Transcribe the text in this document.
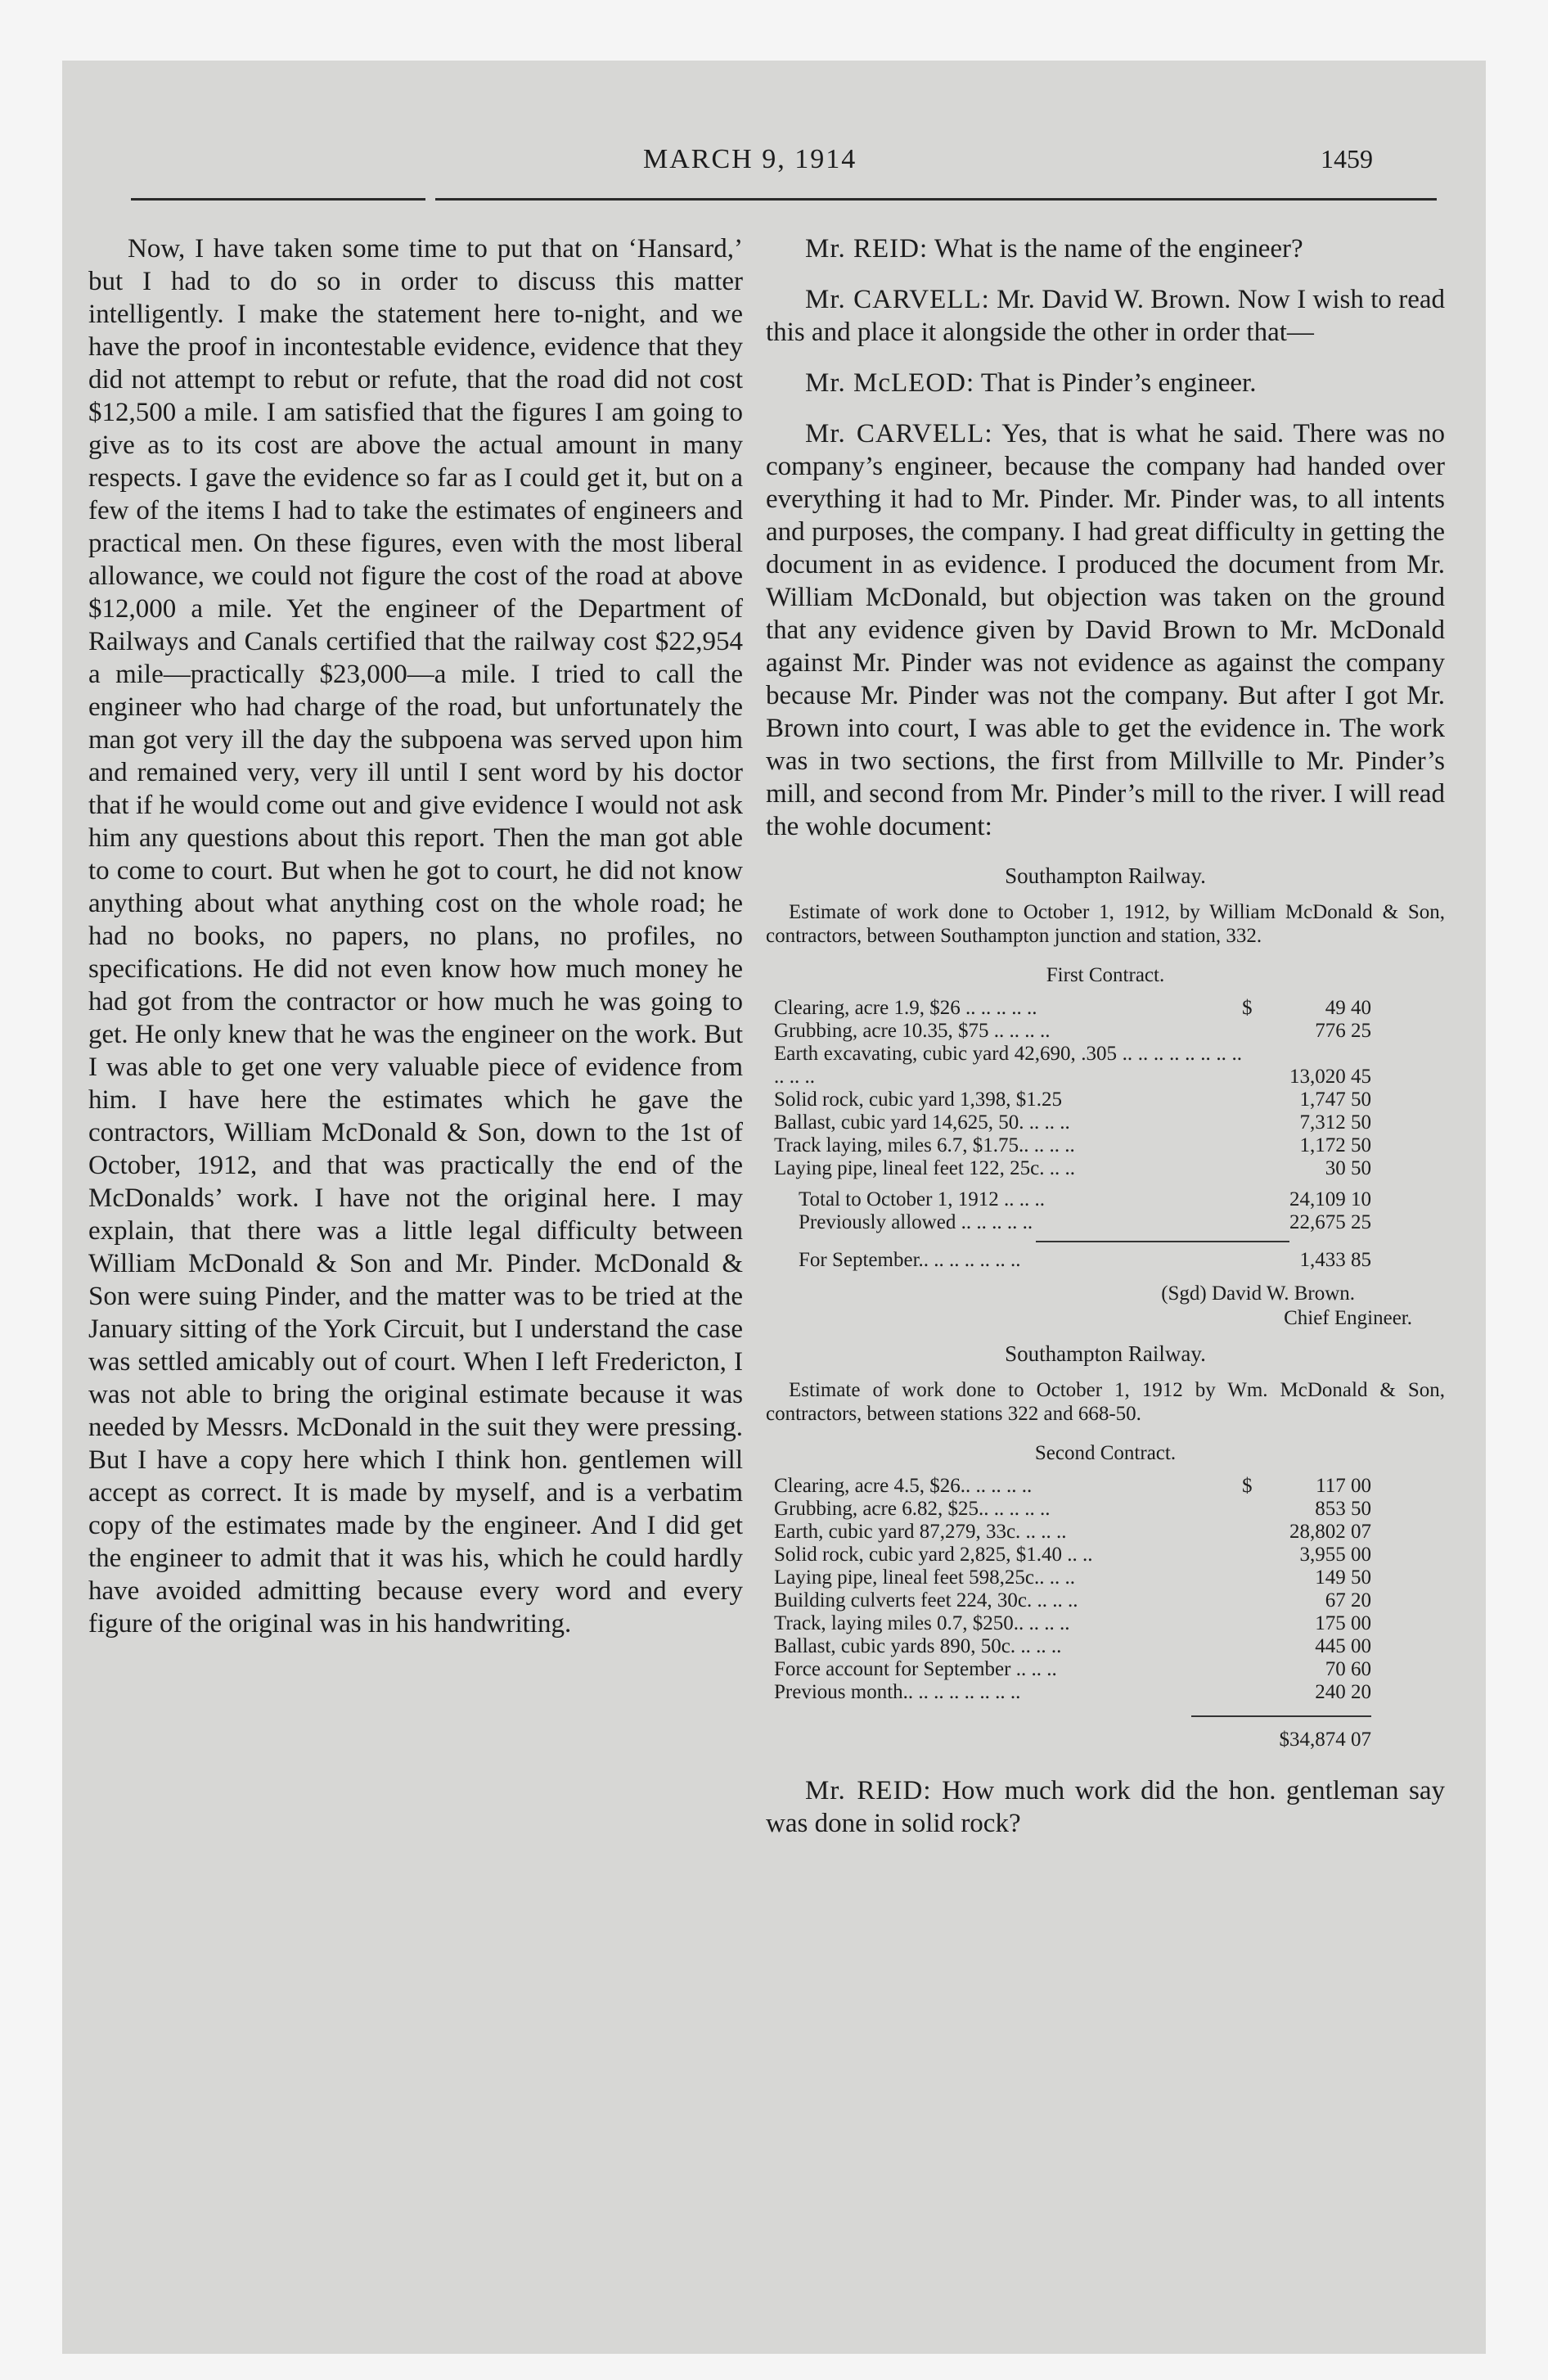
MARCH 9, 1914	1459

Now, I have taken some time to put that on ‘Hansard,’ but I had to do so in order to discuss this matter intelligently. I make the statement here to-night, and we have the proof in incontestable evidence, evidence that they did not attempt to rebut or refute, that the road did not cost $12,500 a mile. I am satisfied that the figures I am going to give as to its cost are above the actual amount in many respects. I gave the evidence so far as I could get it, but on a few of the items I had to take the estimates of engineers and practical men. On these figures, even with the most liberal allowance, we could not figure the cost of the road at above $12,000 a mile. Yet the engineer of the Department of Railways and Canals certified that the railway cost $22,954 a mile—practically $23,000—a mile. I tried to call the engineer who had charge of the road, but unfortunately the man got very ill the day the subpoena was served upon him and remained very, very ill until I sent word by his doctor that if he would come out and give evidence I would not ask him any questions about this report. Then the man got able to come to court. But when he got to court, he did not know anything about what anything cost on the whole road; he had no books, no papers, no plans, no profiles, no specifications. He did not even know how much money he had got from the contractor or how much he was going to get. He only knew that he was the engineer on the work. But I was able to get one very valuable piece of evidence from him. I have here the estimates which he gave the contractors, William McDonald & Son, down to the 1st of October, 1912, and that was practically the end of the McDonalds’ work. I have not the original here. I may explain, that there was a little legal difficulty between William McDonald & Son and Mr. Pinder. McDonald & Son were suing Pinder, and the matter was to be tried at the January sitting of the York Circuit, but I understand the case was settled amicably out of court. When I left Fredericton, I was not able to bring the original estimate because it was needed by Messrs. McDonald in the suit they were pressing. But I have a copy here which I think hon. gentlemen will accept as correct. It is made by myself, and is a verbatim copy of the estimates made by the engineer. And I did get the engineer to admit that it was his, which he could hardly have avoided admitting because every word and every figure of the original was in his handwriting.

Mr. REID: What is the name of the engineer?

Mr. CARVELL: Mr. David W. Brown. Now I wish to read this and place it alongside the other in order that—

Mr. McLEOD: That is Pinder’s engineer.

Mr. CARVELL: Yes, that is what he said. There was no company’s engineer, because the company had handed over everything it had to Mr. Pinder. Mr. Pinder was, to all intents and purposes, the company. I had great difficulty in getting the document in as evidence. I produced the document from Mr. William McDonald, but objection was taken on the ground that any evidence given by David Brown to Mr. McDonald against Mr. Pinder was not evidence as against the company because Mr. Pinder was not the company. But after I got Mr. Brown into court, I was able to get the evidence in. The work was in two sections, the first from Millville to Mr. Pinder’s mill, and second from Mr. Pinder’s mill to the river. I will read the wohle document:

Southampton Railway.

Estimate of work done to October 1, 1912, by William McDonald & Son, contractors, between Southampton junction and station, 332.

First Contract.
Clearing, acre 1.9, $26 .. .. .. .. ..	$	49 40
Grubbing, acre 10.35, $75 .. .. .. ..		776 25
Earth excavating, cubic yard 42,690, .305 .. .. .. .. .. .. .. .. .. .. ..		13,020 45
Solid rock, cubic yard 1,398, $1.25		1,747 50
Ballast, cubic yard 14,625, 50. .. .. ..		7,312 50
Track laying, miles 6.7, $1.75.. .. .. ..		1,172 50
Laying pipe, lineal feet 122, 25c. .. ..		30 50
Total to October 1, 1912 .. .. ..		24,109 10
Previously allowed .. .. .. .. ..		22,675 25
For September.. .. .. .. .. .. ..		1,433 85
(Sgd) David W. Brown.
Chief Engineer.
Southampton Railway.

Estimate of work done to October 1, 1912 by Wm. McDonald & Son, contractors, between stations 322 and 668-50.

Second Contract.
Clearing, acre 4.5, $26.. .. .. .. ..	$	117 00
Grubbing, acre 6.82, $25.. .. .. .. ..		853 50
Earth, cubic yard 87,279, 33c. .. .. ..		28,802 07
Solid rock, cubic yard 2,825, $1.40 .. ..		3,955 00
Laying pipe, lineal feet 598,25c.. .. ..		149 50
Building culverts feet 224, 30c. .. .. ..		67 20
Track, laying miles 0.7, $250.. .. .. ..		175 00
Ballast, cubic yards 890, 50c. .. .. ..		445 00
Force account for September .. .. ..		70 60
Previous month.. .. .. .. .. .. .. ..		240 20
$34,874 07

Mr. REID: How much work did the hon. gentleman say was done in solid rock?
